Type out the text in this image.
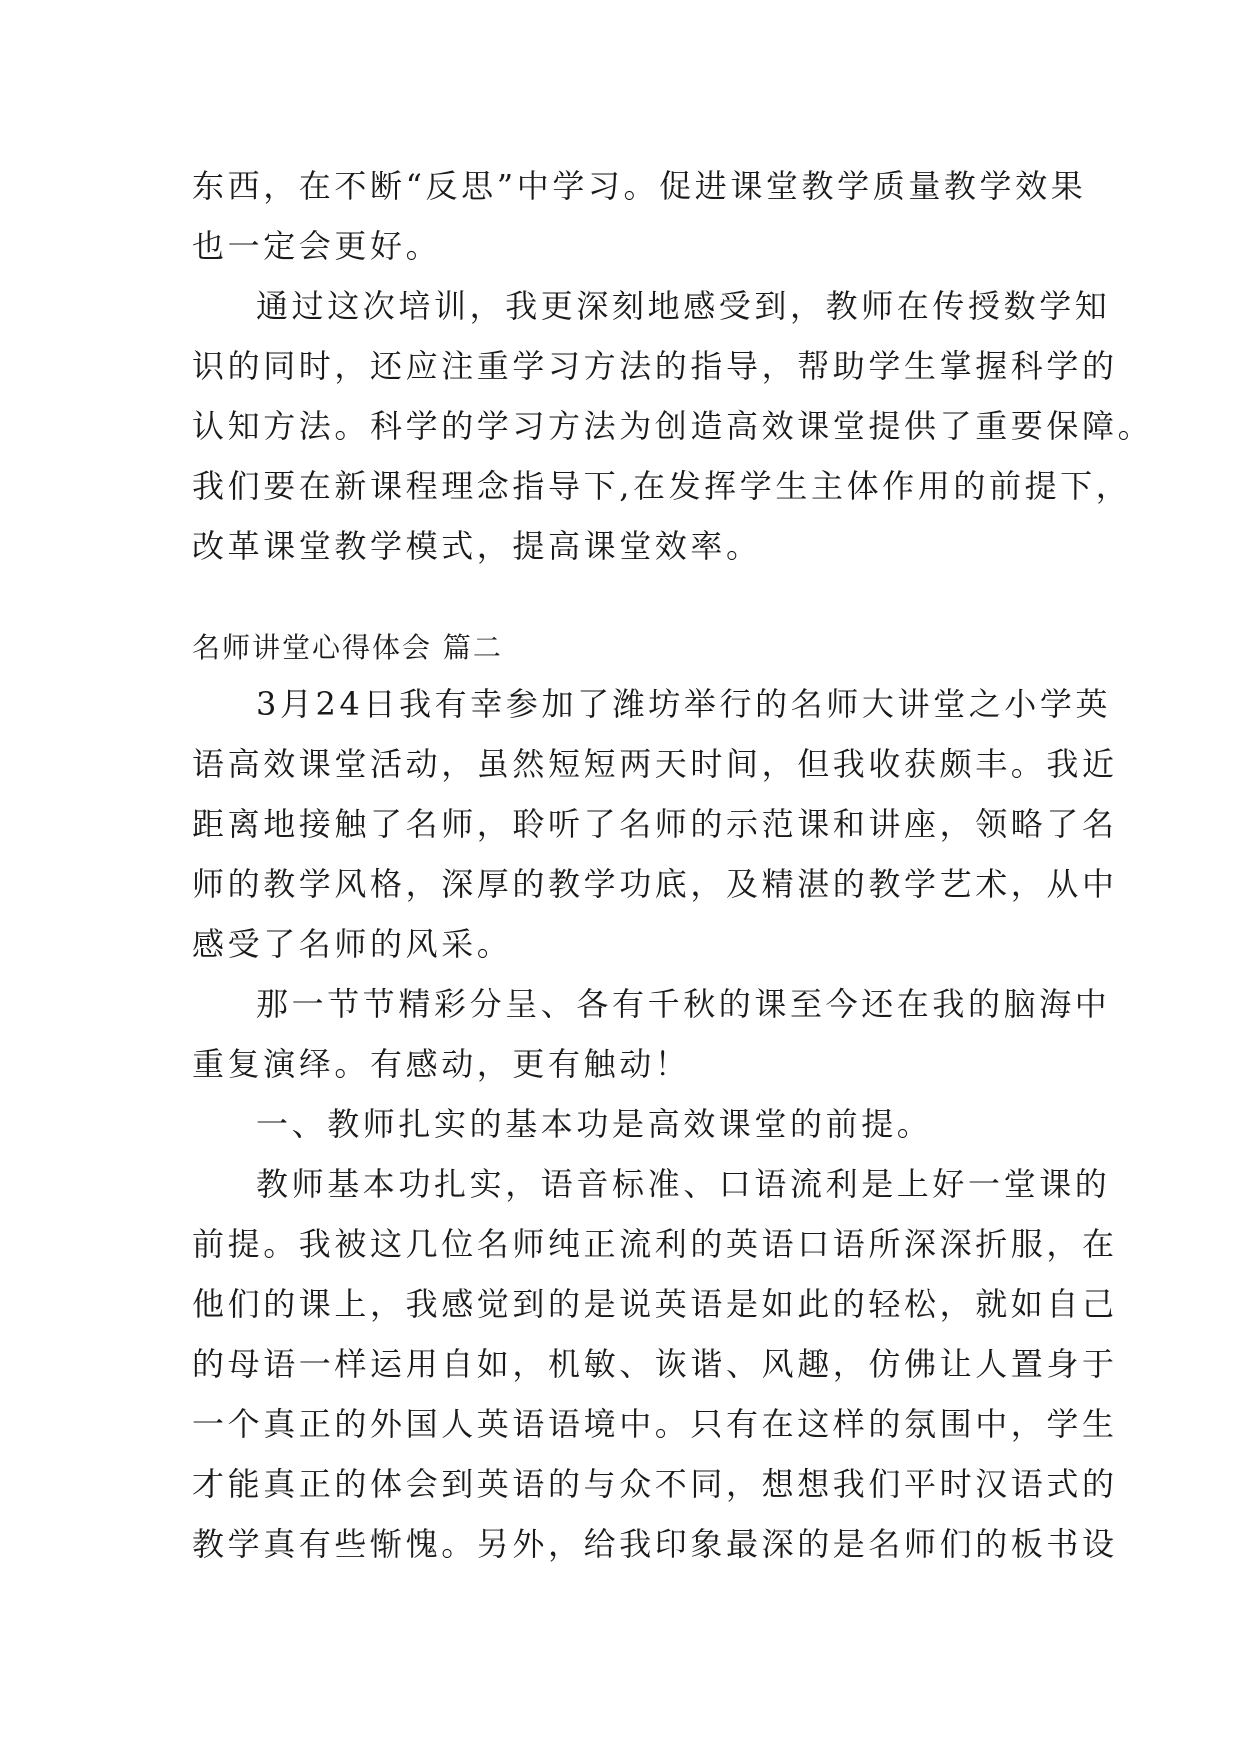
东西，在不断“反思”中学习。促进课堂教学质量教学效果
也一定会更好。
通过这次培训，我更深刻地感受到，教师在传授数学知
识的同时，还应注重学习方法的指导，帮助学生掌握科学的
认知方法。科学的学习方法为创造高效课堂提供了重要保障。
我们要在新课程理念指导下,在发挥学生主体作用的前提下，
改革课堂教学模式，提高课堂效率。
名师讲堂心得体会 篇二
3月24日我有幸参加了潍坊举行的名师大讲堂之小学英
语高效课堂活动，虽然短短两天时间，但我收获颇丰。我近
距离地接触了名师，聆听了名师的示范课和讲座，领略了名
师的教学风格，深厚的教学功底，及精湛的教学艺术，从中
感受了名师的风采。
那一节节精彩分呈、各有千秋的课至今还在我的脑海中
重复演绎。有感动，更有触动！
一、教师扎实的基本功是高效课堂的前提。
教师基本功扎实，语音标准、口语流利是上好一堂课的
前提。我被这几位名师纯正流利的英语口语所深深折服，在
他们的课上，我感觉到的是说英语是如此的轻松，就如自己
的母语一样运用自如，机敏、诙谐、风趣，仿佛让人置身于
一个真正的外国人英语语境中。只有在这样的氛围中，学生
才能真正的体会到英语的与众不同，想想我们平时汉语式的
教学真有些惭愧。另外，给我印象最深的是名师们的板书设
